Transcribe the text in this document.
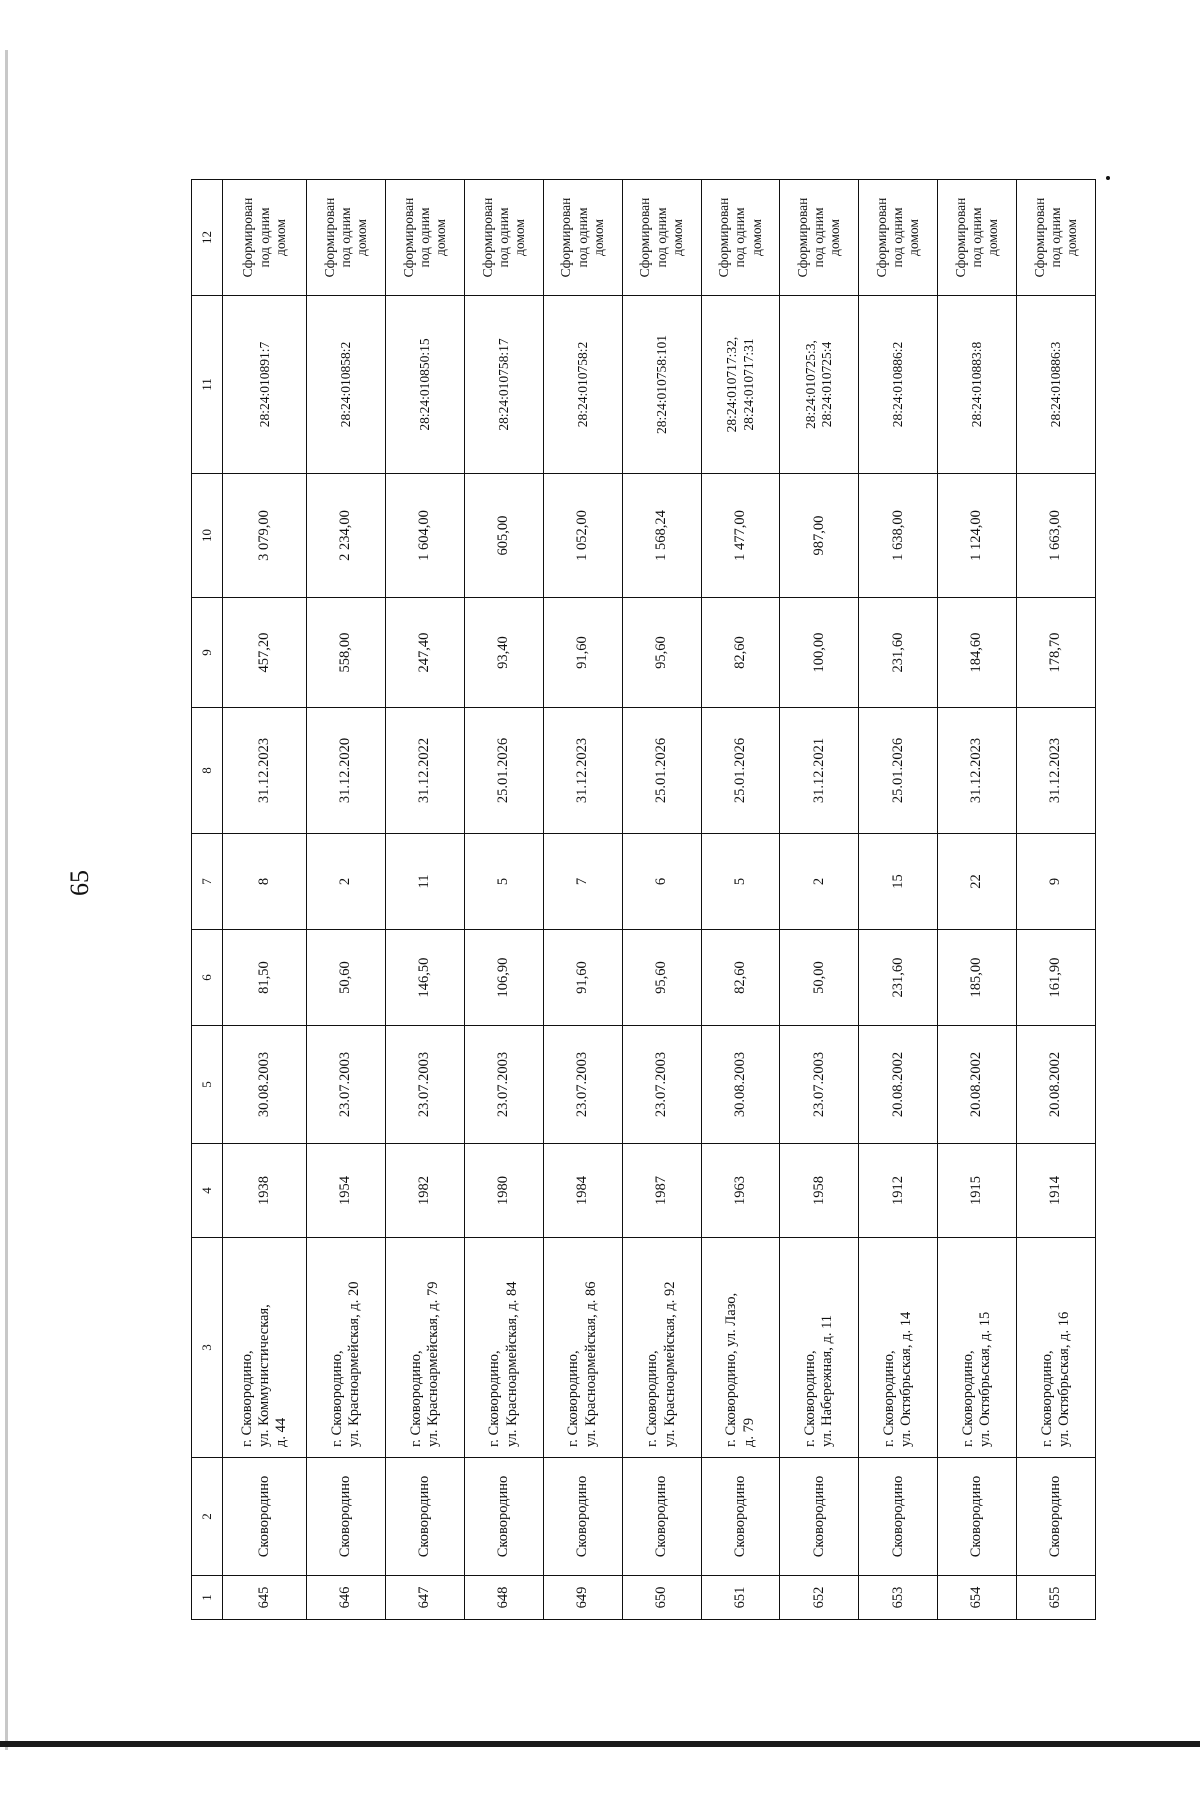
65
1	2	3	4	5	6	7	8	9	10	11	12
645	Сковородино	г. Сковородино,
ул. Коммунистическая,
д. 44	1938	30.08.2003	81,50	8	31.12.2023	457,20	3 079,00	28:24:010891:7	Сформирован
под одним
домом
646	Сковородино	г. Сковородино,
ул. Красноармейская, д. 20	1954	23.07.2003	50,60	2	31.12.2020	558,00	2 234,00	28:24:010858:2	Сформирован
под одним
домом
647	Сковородино	г. Сковородино,
ул. Красноармейская, д. 79	1982	23.07.2003	146,50	11	31.12.2022	247,40	1 604,00	28:24:010850:15	Сформирован
под одним
домом
648	Сковородино	г. Сковородино,
ул. Красноармейская, д. 84	1980	23.07.2003	106,90	5	25.01.2026	93,40	605,00	28:24:010758:17	Сформирован
под одним
домом
649	Сковородино	г. Сковородино,
ул. Красноармейская, д. 86	1984	23.07.2003	91,60	7	31.12.2023	91,60	1 052,00	28:24:010758:2	Сформирован
под одним
домом
650	Сковородино	г. Сковородино,
ул. Красноармейская, д. 92	1987	23.07.2003	95,60	6	25.01.2026	95,60	1 568,24	28:24:010758:101	Сформирован
под одним
домом
651	Сковородино	г. Сковородино, ул. Лазо,
д. 79	1963	30.08.2003	82,60	5	25.01.2026	82,60	1 477,00	28:24:010717:32,
28:24:010717:31	Сформирован
под одним
домом
652	Сковородино	г. Сковородино,
ул. Набережная, д. 11	1958	23.07.2003	50,00	2	31.12.2021	100,00	987,00	28:24:010725:3,
28:24:010725:4	Сформирован
под одним
домом
653	Сковородино	г. Сковородино,
ул. Октябрьская, д. 14	1912	20.08.2002	231,60	15	25.01.2026	231,60	1 638,00	28:24:010886:2	Сформирован
под одним
домом
654	Сковородино	г. Сковородино,
ул. Октябрьская, д. 15	1915	20.08.2002	185,00	22	31.12.2023	184,60	1 124,00	28:24:010883:8	Сформирован
под одним
домом
655	Сковородино	г. Сковородино,
ул. Октябрьская, д. 16	1914	20.08.2002	161,90	9	31.12.2023	178,70	1 663,00	28:24:010886:3	Сформирован
под одним
домом
